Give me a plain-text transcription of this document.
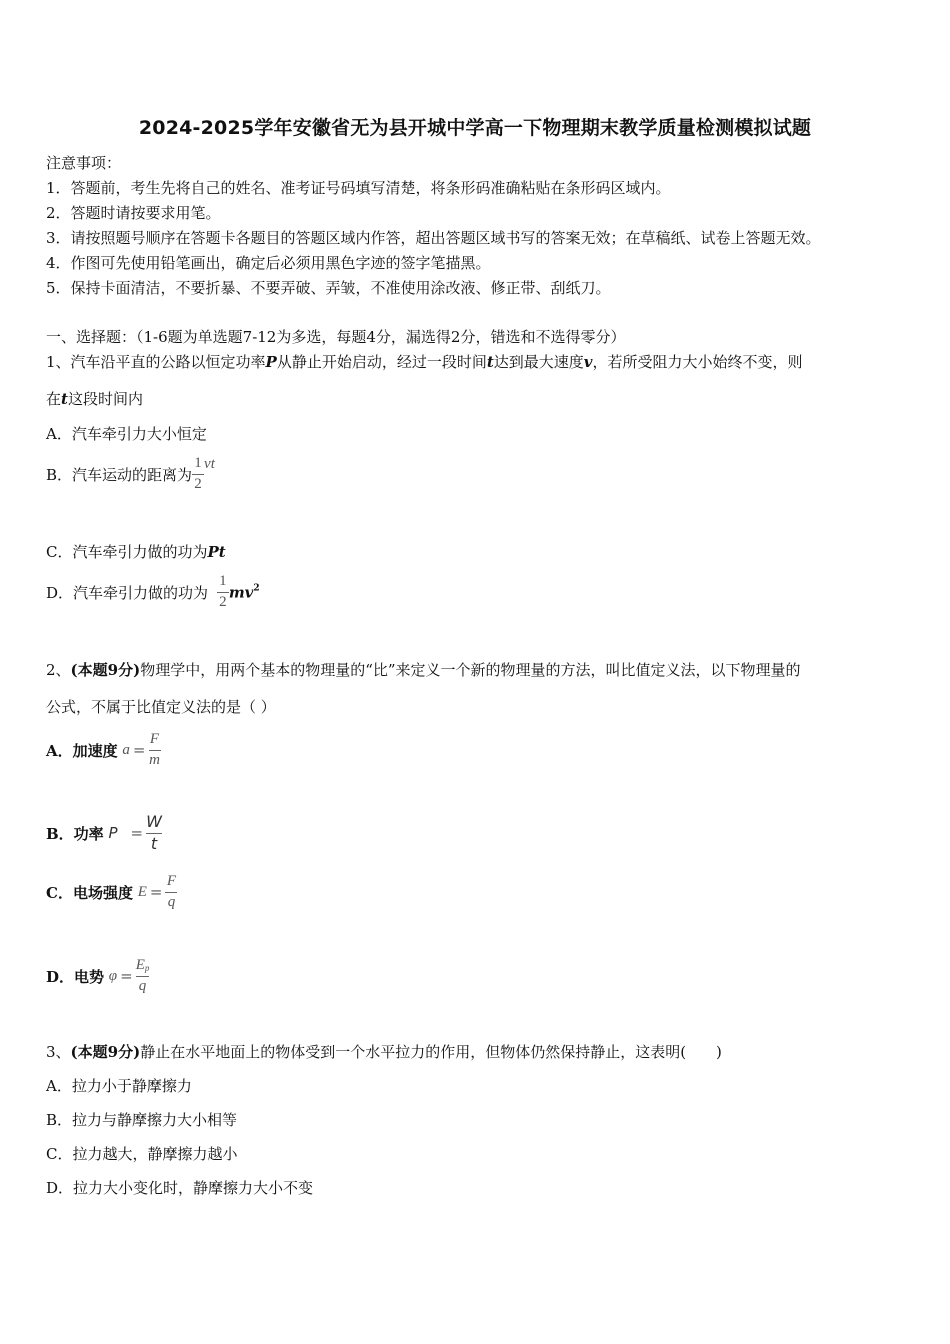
2024-2025学年安徽省无为县开城中学高一下物理期末教学质量检测模拟试题
注意事项：
1．答题前，考生先将自己的姓名、准考证号码填写清楚，将条形码准确粘贴在条形码区域内。
2．答题时请按要求用笔。
3．请按照题号顺序在答题卡各题目的答题区域内作答，超出答题区域书写的答案无效；在草稿纸、试卷上答题无效。
4．作图可先使用铅笔画出，确定后必须用黑色字迹的签字笔描黑。
5．保持卡面清洁，不要折暴、不要弄破、弄皱，不准使用涂改液、修正带、刮纸刀。
一、选择题：（1-6题为单选题7-12为多选，每题4分，漏选得2分，错选和不选得零分）
1、汽车沿平直的公路以恒定功率P从静止开始启动，经过一段时间t达到最大速度v，若所受阻力大小始终不变，则
在t这段时间内
A．汽车牵引力大小恒定
B．汽车运动的距离为 $\frac{1}{2}$ vt
C．汽车牵引力做的功为Pt
D．汽车牵引力做的功为 $\frac{1}{2} mv^2$
2、(本题9分)物理学中，用两个基本的物理量的“比”来定义一个新的物理量的方法，叫比值定义法，以下物理量的
公式，不属于比值定义法的是（ ）
A．加速度 $a = \frac{F}{m}$
B．功率 $P = \frac{W}{t}$
C．电场强度 $E = \frac{F}{q}$
D．电势 $\varphi = \frac{E_p}{q}$
3、(本题9分)静止在水平地面上的物体受到一个水平拉力的作用，但物体仍然保持静止，这表明(　　)
A．拉力小于静摩擦力
B．拉力与静摩擦力大小相等
C．拉力越大，静摩擦力越小
D．拉力大小变化时，静摩擦力大小不变
